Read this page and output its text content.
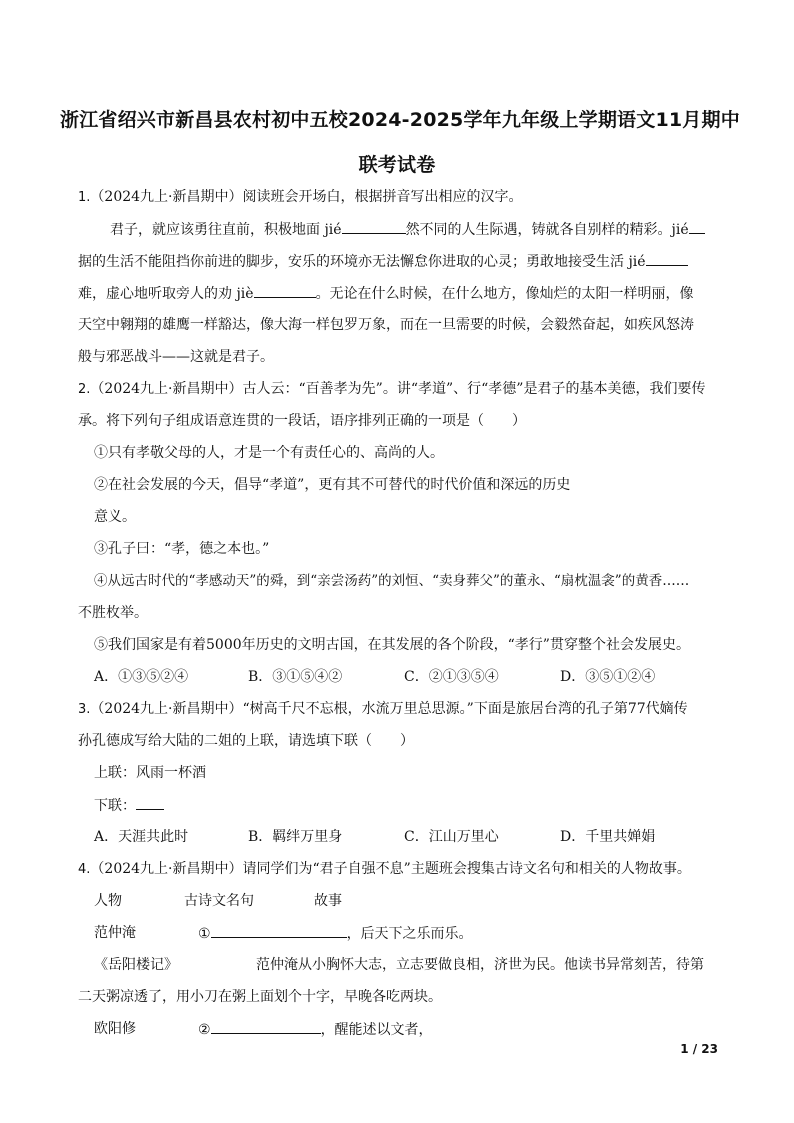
浙江省绍兴市新昌县农村初中五校2024-2025学年九年级上学期语文11月期中
联考试卷
1.（2024九上·新昌期中）阅读班会开场白，根据拼音写出相应的汉字。
君子，就应该勇往直前，积极地面 jié	然不同的人生际遇，铸就各自别样的精彩。jié
据的生活不能阻挡你前进的脚步，安乐的环境亦无法懈怠你进取的心灵；勇敢地接受生活 jié
难，虚心地听取旁人的劝 jiè	。无论在什么时候，在什么地方，像灿烂的太阳一样明丽，像
天空中翱翔的雄鹰一样豁达，像大海一样包罗万象，而在一旦需要的时候，会毅然奋起，如疾风怒涛
般与邪恶战斗——这就是君子。
2.（2024九上·新昌期中）古人云：“百善孝为先”。讲“孝道”、行“孝德”是君子的基本美德，我们要传
承。将下列句子组成语意连贯的一段话，语序排列正确的一项是（　　）
①只有孝敬父母的人，才是一个有责任心的、高尚的人。
②在社会发展的今天，倡导“孝道”，更有其不可替代的时代价值和深远的历史
意义。
③孔子曰：“孝，德之本也。”
④从远古时代的“孝感动天”的舜，到“亲尝汤药”的刘恒、“卖身葬父”的董永、“扇枕温衾”的黄香……
不胜枚举。
⑤我们国家是有着5000年历史的文明古国，在其发展的各个阶段，“孝行”贯穿整个社会发展史。
A．①③⑤②④	B．③①⑤④②	C．②①③⑤④	D．③⑤①②④
3.（2024九上·新昌期中）“树高千尺不忘根，水流万里总思源。”下面是旅居台湾的孔子第77代嫡传
孙孔德成写给大陆的二姐的上联，请选填下联（　　）
上联：风雨一杯酒
下联：
A．天涯共此时	B．羁绊万里身	C．江山万里心	D．千里共婵娟
4.（2024九上·新昌期中）请同学们为“君子自强不息”主题班会搜集古诗文名句和相关的人物故事。
人物	古诗文名句	故事
范仲淹	①	，后天下之乐而乐。
《岳阳楼记》	范仲淹从小胸怀大志，立志要做良相，济世为民。他读书异常刻苦，待第
二天粥凉透了，用小刀在粥上面划个十字，早晚各吃两块。
欧阳修	②	，醒能述以文者，
1 / 23
